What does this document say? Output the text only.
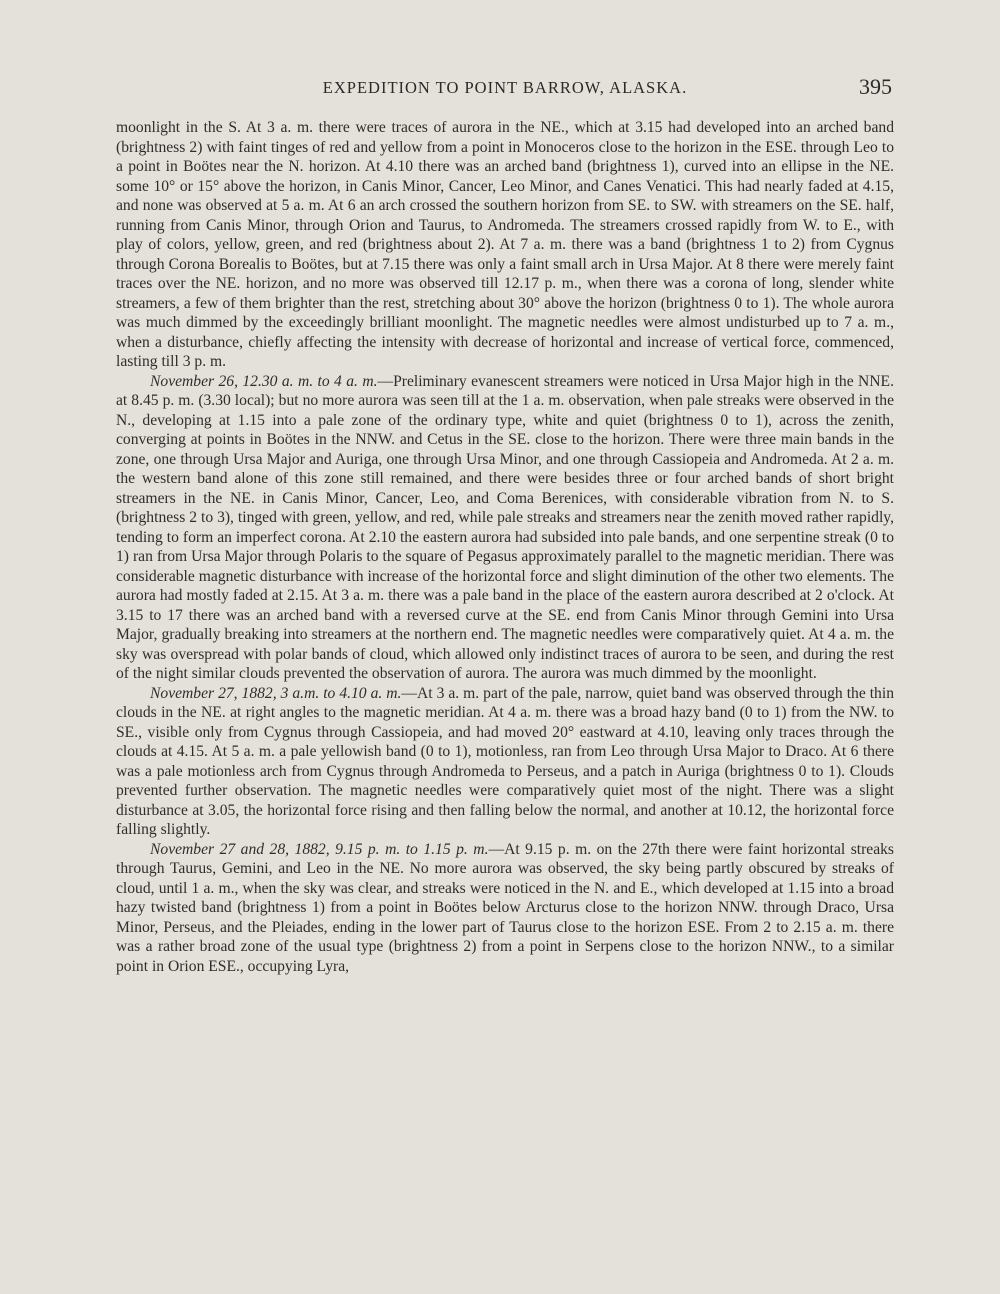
EXPEDITION TO POINT BARROW, ALASKA.	395

moonlight in the S. At 3 a. m. there were traces of aurora in the NE., which at 3.15 had developed into an arched band (brightness 2) with faint tinges of red and yellow from a point in Monoceros close to the horizon in the ESE. through Leo to a point in Boötes near the N. horizon. At 4.10 there was an arched band (brightness 1), curved into an ellipse in the NE. some 10° or 15° above the horizon, in Canis Minor, Cancer, Leo Minor, and Canes Venatici. This had nearly faded at 4.15, and none was observed at 5 a. m. At 6 an arch crossed the southern horizon from SE. to SW. with streamers on the SE. half, running from Canis Minor, through Orion and Taurus, to Andromeda. The streamers crossed rapidly from W. to E., with play of colors, yellow, green, and red (brightness about 2). At 7 a. m. there was a band (brightness 1 to 2) from Cygnus through Corona Borealis to Boötes, but at 7.15 there was only a faint small arch in Ursa Major. At 8 there were merely faint traces over the NE. horizon, and no more was observed till 12.17 p. m., when there was a corona of long, slender white streamers, a few of them brighter than the rest, stretching about 30° above the horizon (brightness 0 to 1). The whole aurora was much dimmed by the exceedingly brilliant moonlight. The magnetic needles were almost undisturbed up to 7 a. m., when a disturbance, chiefly affecting the intensity with decrease of horizontal and increase of vertical force, commenced, lasting till 3 p. m.

November 26, 12.30 a. m. to 4 a. m.—Preliminary evanescent streamers were noticed in Ursa Major high in the NNE. at 8.45 p. m. (3.30 local); but no more aurora was seen till at the 1 a. m. observation, when pale streaks were observed in the N., developing at 1.15 into a pale zone of the ordinary type, white and quiet (brightness 0 to 1), across the zenith, converging at points in Boötes in the NNW. and Cetus in the SE. close to the horizon. There were three main bands in the zone, one through Ursa Major and Auriga, one through Ursa Minor, and one through Cassiopeia and Andromeda. At 2 a. m. the western band alone of this zone still remained, and there were besides three or four arched bands of short bright streamers in the NE. in Canis Minor, Cancer, Leo, and Coma Berenices, with considerable vibration from N. to S. (brightness 2 to 3), tinged with green, yellow, and red, while pale streaks and streamers near the zenith moved rather rapidly, tending to form an imperfect corona. At 2.10 the eastern aurora had subsided into pale bands, and one serpentine streak (0 to 1) ran from Ursa Major through Polaris to the square of Pegasus approximately parallel to the magnetic meridian. There was considerable magnetic disturbance with increase of the horizontal force and slight diminution of the other two elements. The aurora had mostly faded at 2.15. At 3 a. m. there was a pale band in the place of the eastern aurora described at 2 o'clock. At 3.15 to 17 there was an arched band with a reversed curve at the SE. end from Canis Minor through Gemini into Ursa Major, gradually breaking into streamers at the northern end. The magnetic needles were comparatively quiet. At 4 a. m. the sky was overspread with polar bands of cloud, which allowed only indistinct traces of aurora to be seen, and during the rest of the night similar clouds prevented the observation of aurora. The aurora was much dimmed by the moonlight.

November 27, 1882, 3 a.m. to 4.10 a. m.—At 3 a. m. part of the pale, narrow, quiet band was observed through the thin clouds in the NE. at right angles to the magnetic meridian. At 4 a. m. there was a broad hazy band (0 to 1) from the NW. to SE., visible only from Cygnus through Cassiopeia, and had moved 20° eastward at 4.10, leaving only traces through the clouds at 4.15. At 5 a. m. a pale yellowish band (0 to 1), motionless, ran from Leo through Ursa Major to Draco. At 6 there was a pale motionless arch from Cygnus through Andromeda to Perseus, and a patch in Auriga (brightness 0 to 1). Clouds prevented further observation. The magnetic needles were comparatively quiet most of the night. There was a slight disturbance at 3.05, the horizontal force rising and then falling below the normal, and another at 10.12, the horizontal force falling slightly.

November 27 and 28, 1882, 9.15 p. m. to 1.15 p. m.—At 9.15 p. m. on the 27th there were faint horizontal streaks through Taurus, Gemini, and Leo in the NE. No more aurora was observed, the sky being partly obscured by streaks of cloud, until 1 a. m., when the sky was clear, and streaks were noticed in the N. and E., which developed at 1.15 into a broad hazy twisted band (brightness 1) from a point in Boötes below Arcturus close to the horizon NNW. through Draco, Ursa Minor, Perseus, and the Pleiades, ending in the lower part of Taurus close to the horizon ESE. From 2 to 2.15 a. m. there was a rather broad zone of the usual type (brightness 2) from a point in Serpens close to the horizon NNW., to a similar point in Orion ESE., occupying Lyra,
